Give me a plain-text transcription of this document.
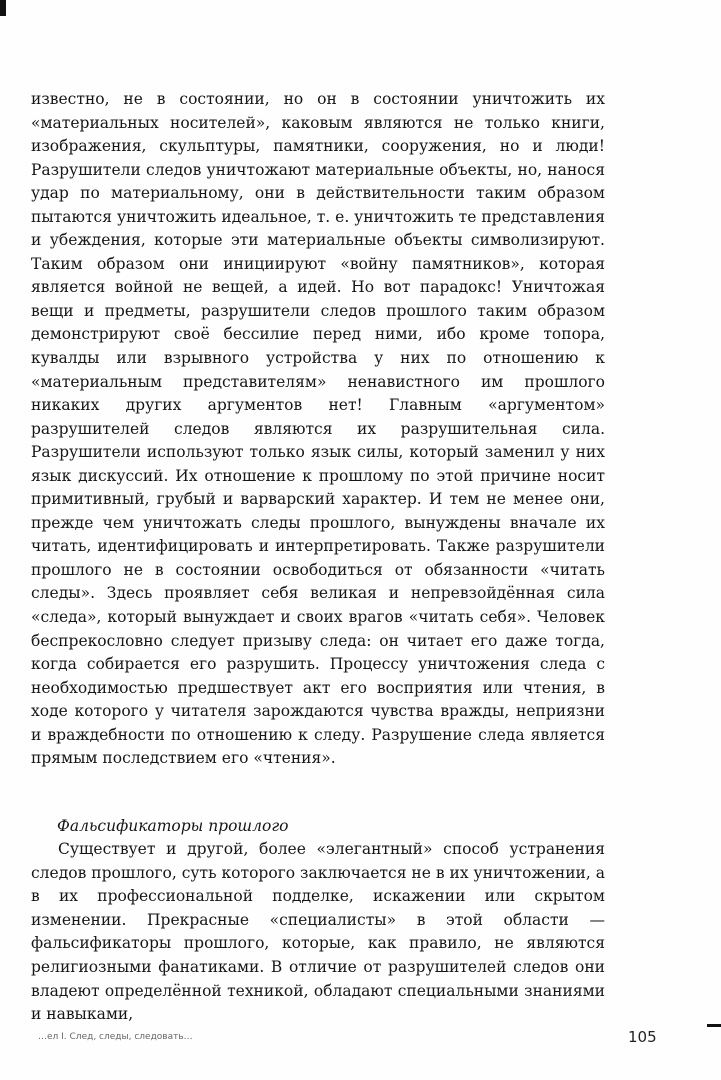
известно, не в состоянии, но он в состоянии уничтожить их «материальных носителей», каковым являются не только книги, изображения, скульптуры, памятники, сооружения, но и люди! Разрушители следов уничтожают материальные объекты, но, нанося удар по материальному, они в действительности таким образом пытаются уничтожить идеальное, т. е. уничтожить те представления и убеждения, которые эти материальные объекты символизируют. Таким образом они инициируют «войну памятников», которая является войной не вещей, а идей. Но вот парадокс! Уничтожая вещи и предметы, разрушители следов прошлого таким образом демонстрируют своё бессилие перед ними, ибо кроме топора, кувалды или взрывного устройства у них по отношению к «материальным представителям» ненавистного им прошлого никаких других аргументов нет! Главным «аргументом» разрушителей следов являются их разрушительная сила. Разрушители используют только язык силы, который заменил у них язык дискуссий. Их отношение к прошлому по этой причине носит примитивный, грубый и варварский характер. И тем не менее они, прежде чем уничтожать следы прошлого, вынуждены вначале их читать, идентифицировать и интерпретировать. Также разрушители прошлого не в состоянии освободиться от обязанности «читать следы». Здесь проявляет себя великая и непревзойдённая сила «следа», который вынуждает и своих врагов «читать себя». Человек беспрекословно следует призыву следа: он читает его даже тогда, когда собирается его разрушить. Процессу уничтожения следа с необходимостью предшествует акт его восприятия или чтения, в ходе которого у читателя зарождаются чувства вражды, неприязни и враждебности по отношению к следу. Разрушение следа является прямым последствием его «чтения».

Фальсификаторы прошлого

Существует и другой, более «элегантный» способ устранения следов прошлого, суть которого заключается не в их уничтожении, а в их профессиональной подделке, искажении или скрытом изменении. Прекрасные «специалисты» в этой области — фальсификаторы прошлого, которые, как правило, не являются религиозными фанатиками. В отличие от разрушителей следов они владеют определённой техникой, обладают специальными знаниями и навыками,

…ел I. След, следы, следовать…	105
